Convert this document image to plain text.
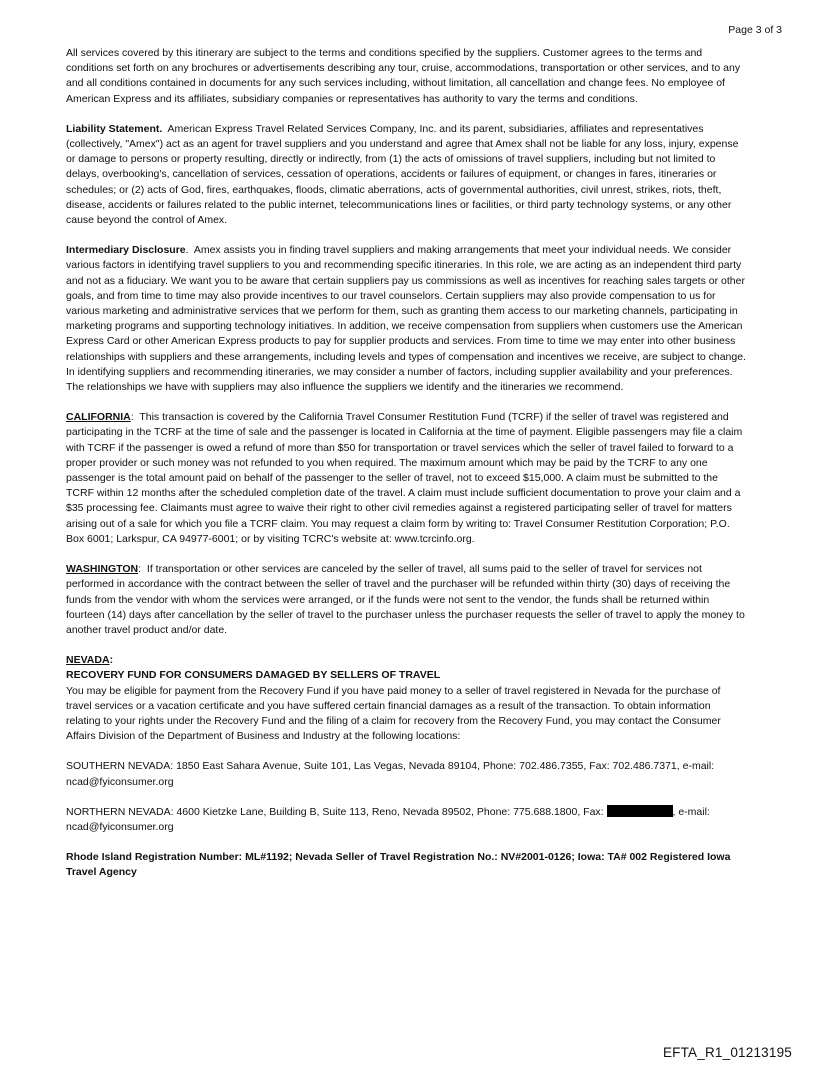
Page 3 of 3

All services covered by this itinerary are subject to the terms and conditions specified by the suppliers. Customer agrees to the terms and conditions set forth on any brochures or advertisements describing any tour, cruise, accommodations, transportation or other services, and to any and all conditions contained in documents for any such services including, without limitation, all cancellation and change fees. No employee of American Express and its affiliates, subsidiary companies or representatives has authority to vary the terms and conditions.

Liability Statement. American Express Travel Related Services Company, Inc. and its parent, subsidiaries, affiliates and representatives (collectively, "Amex") act as an agent for travel suppliers and you understand and agree that Amex shall not be liable for any loss, injury, expense or damage to persons or property resulting, directly or indirectly, from (1) the acts of omissions of travel suppliers, including but not limited to delays, overbooking's, cancellation of services, cessation of operations, accidents or failures of equipment, or changes in fares, itineraries or schedules; or (2) acts of God, fires, earthquakes, floods, climatic aberrations, acts of governmental authorities, civil unrest, strikes, riots, theft, disease, accidents or failures related to the public internet, telecommunications lines or facilities, or third party technology systems, or any other cause beyond the control of Amex.

Intermediary Disclosure.  Amex assists you in finding travel suppliers and making arrangements that meet your individual needs. We consider various factors in identifying travel suppliers to you and recommending specific itineraries. In this role, we are acting as an independent third party and not as a fiduciary. We want you to be aware that certain suppliers pay us commissions as well as incentives for reaching sales targets or other goals, and from time to time may also provide incentives to our travel counselors. Certain suppliers may also provide compensation to us for various marketing and administrative services that we perform for them, such as granting them access to our marketing channels, participating in marketing programs and supporting technology initiatives. In addition, we receive compensation from suppliers when customers use the American Express Card or other American Express products to pay for supplier products and services. From time to time we may enter into other business relationships with suppliers and these arrangements, including levels and types of compensation and incentives we receive, are subject to change. In identifying suppliers and recommending itineraries, we may consider a number of factors, including supplier availability and your preferences. The relationships we have with suppliers may also influence the suppliers we identify and the itineraries we recommend.

CALIFORNIA:  This transaction is covered by the California Travel Consumer Restitution Fund (TCRF) if the seller of travel was registered and participating in the TCRF at the time of sale and the passenger is located in California at the time of payment. Eligible passengers may file a claim with TCRF if the passenger is owed a refund of more than $50 for transportation or travel services which the seller of travel failed to forward to a proper provider or such money was not refunded to you when required. The maximum amount which may be paid by the TCRF to any one passenger is the total amount paid on behalf of the passenger to the seller of travel, not to exceed $15,000. A claim must be submitted to the TCRF within 12 months after the scheduled completion date of the travel. A claim must include sufficient documentation to prove your claim and a $35 processing fee. Claimants must agree to waive their right to other civil remedies against a registered participating seller of travel for matters arising out of a sale for which you file a TCRF claim. You may request a claim form by writing to: Travel Consumer Restitution Corporation; P.O. Box 6001; Larkspur, CA 94977-6001; or by visiting TCRC's website at: www.tcrcinfo.org.

WASHINGTON:  If transportation or other services are canceled by the seller of travel, all sums paid to the seller of travel for services not performed in accordance with the contract between the seller of travel and the purchaser will be refunded within thirty (30) days of receiving the funds from the vendor with whom the services were arranged, or if the funds were not sent to the vendor, the funds shall be returned within fourteen (14) days after cancellation by the seller of travel to the purchaser unless the purchaser requests the seller of travel to apply the money to another travel product and/or date.

NEVADA:
RECOVERY FUND FOR CONSUMERS DAMAGED BY SELLERS OF TRAVEL

You may be eligible for payment from the Recovery Fund if you have paid money to a seller of travel registered in Nevada for the purchase of travel services or a vacation certificate and you have suffered certain financial damages as a result of the transaction. To obtain information relating to your rights under the Recovery Fund and the filing of a claim for recovery from the Recovery Fund, you may contact the Consumer Affairs Division of the Department of Business and Industry at the following locations:

SOUTHERN NEVADA: 1850 East Sahara Avenue, Suite 101, Las Vegas, Nevada 89104, Phone: 702.486.7355, Fax: 702.486.7371, e-mail: ncad@fyiconsumer.org

NORTHERN NEVADA: 4600 Kietzke Lane, Building B, Suite 113, Reno, Nevada 89502, Phone: 775.688.1800, Fax:	, e-mail: ncad@fyiconsumer.org

Rhode Island Registration Number: ML#1192; Nevada Seller of Travel Registration No.: NV#2001-0126; Iowa: TA# 002 Registered Iowa Travel Agency

EFTA_R1_01213195
